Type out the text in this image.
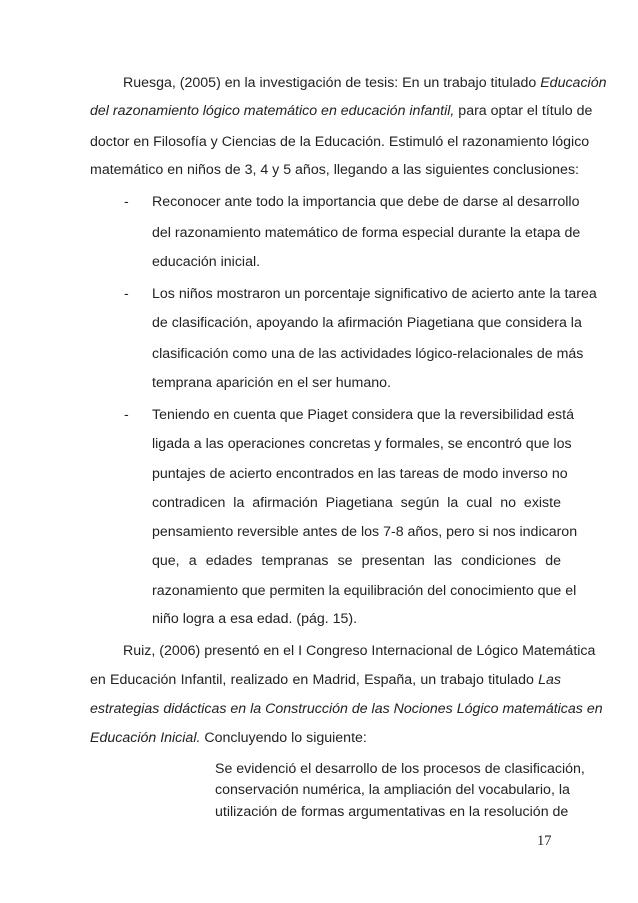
Ruesga, (2005) en la investigación de tesis: En un trabajo titulado Educación
del razonamiento lógico matemático en educación infantil, para optar el título de
doctor en Filosofía y Ciencias de la Educación. Estimuló el razonamiento lógico
matemático en niños de 3, 4 y 5 años, llegando a las siguientes conclusiones:
- Reconocer ante todo la importancia que debe de darse al desarrollo
del razonamiento matemático de forma especial durante la etapa de
educación inicial.
- Los niños mostraron un porcentaje significativo de acierto ante la tarea
de clasificación, apoyando la afirmación Piagetiana que considera la
clasificación como una de las actividades lógico-relacionales de más
temprana aparición en el ser humano.
- Teniendo en cuenta que Piaget considera que la reversibilidad está
ligada a las operaciones concretas y formales, se encontró que los
puntajes de acierto encontrados en las tareas de modo inverso no
contradicen la afirmación Piagetiana según la cual no existe
pensamiento reversible antes de los 7-8 años, pero si nos indicaron
que, a edades tempranas se presentan las condiciones de
razonamiento que permiten la equilibración del conocimiento que el
niño logra a esa edad. (pág. 15).
Ruiz, (2006) presentó en el I Congreso Internacional de Lógico Matemática
en Educación Infantil, realizado en Madrid, España, un trabajo titulado Las
estrategias didácticas en la Construcción de las Nociones Lógico matemáticas en
Educación Inicial. Concluyendo lo siguiente:
Se evidenció el desarrollo de los procesos de clasificación,
conservación numérica, la ampliación del vocabulario, la
utilización de formas argumentativas en la resolución de
17
